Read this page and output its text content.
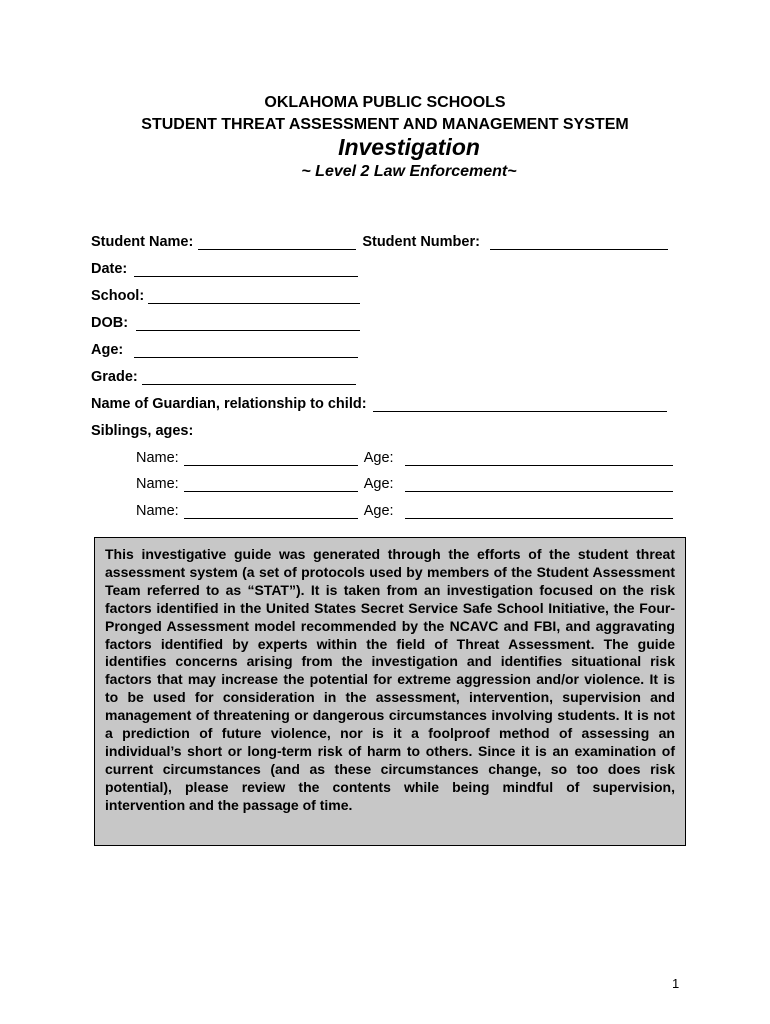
OKLAHOMA PUBLIC SCHOOLS
STUDENT THREAT ASSESSMENT AND MANAGEMENT SYSTEM
Investigation
~ Level 2 Law Enforcement~
Student Name:	Student Number:
Date:
School:
DOB:
Age:
Grade:
Name of Guardian, relationship to child:
Siblings, ages:
Name:	Age:
Name:	Age:
Name:	Age:

This investigative guide was generated through the efforts of the student threat assessment system (a set of protocols used by members of the Student Assessment Team referred to as “STAT”). It is taken from an investigation focused on the risk factors identified in the United States Secret Service Safe School Initiative, the Four-Pronged Assessment model recommended by the NCAVC and FBI, and aggravating factors identified by experts within the field of Threat Assessment. The guide identifies concerns arising from the investigation and identifies situational risk factors that may increase the potential for extreme aggression and/or violence. It is to be used for consideration in the assessment, intervention, supervision and management of threatening or dangerous circumstances involving students. It is not a prediction of future violence, nor is it a foolproof method of assessing an individual’s short or long-term risk of harm to others. Since it is an examination of current circumstances (and as these circumstances change, so too does risk potential), please review the contents while being mindful of supervision, intervention and the passage of time.

1
